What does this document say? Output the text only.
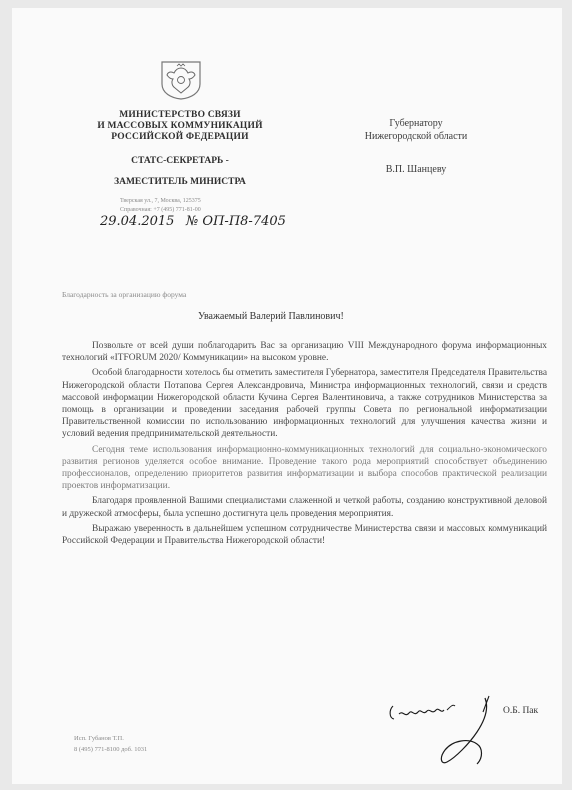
МИНИСТЕРСТВО СВЯЗИ
И МАССОВЫХ КОММУНИКАЦИЙ
РОССИЙСКОЙ ФЕДЕРАЦИИ
СТАТС-СЕКРЕТАРЬ -
ЗАМЕСТИТЕЛЬ МИНИСТРА
Тверская ул., 7, Москва, 125375
Справочная: +7 (495) 771-81-00
29.04.2015 № ОП-П8-7405
Губернатору
Нижегородской области
В.П. Шанцеву
Благодарность за организацию форума
Уважаемый Валерий Павлинович!

Позвольте от всей души поблагодарить Вас за организацию VIII Международного форума информационных технологий «ITFORUM 2020/ Коммуникации» на высоком уровне.

Особой благодарности хотелось бы отметить заместителя Губернатора, заместителя Председателя Правительства Нижегородской области Потапова Сергея Александровича, Министра информационных технологий, связи и средств массовой информации Нижегородской области Кучина Сергея Валентиновича, а также сотрудников Министерства за помощь в организации и проведении заседания рабочей группы Совета по региональной информатизации Правительственной комиссии по использованию информационных технологий для улучшения качества жизни и условий ведения предпринимательской деятельности.

Сегодня теме использования информационно-коммуникационных технологий для социально-экономического развития регионов уделяется особое внимание. Проведение такого рода мероприятий способствует объединению профессионалов, определению приоритетов развития информатизации и выбора способов практической реализации проектов информатизации.

Благодаря проявленной Вашими специалистами слаженной и четкой работы, созданию конструктивной деловой и дружеской атмосферы, была успешно достигнута цель проведения мероприятия.

Выражаю уверенность в дальнейшем успешном сотрудничестве Министерства связи и массовых коммуникаций Российской Федерации и Правительства Нижегородской области!

О.Б. Пак
Исп. Губанов Т.П.
8 (495) 771-8100 доб. 1031
